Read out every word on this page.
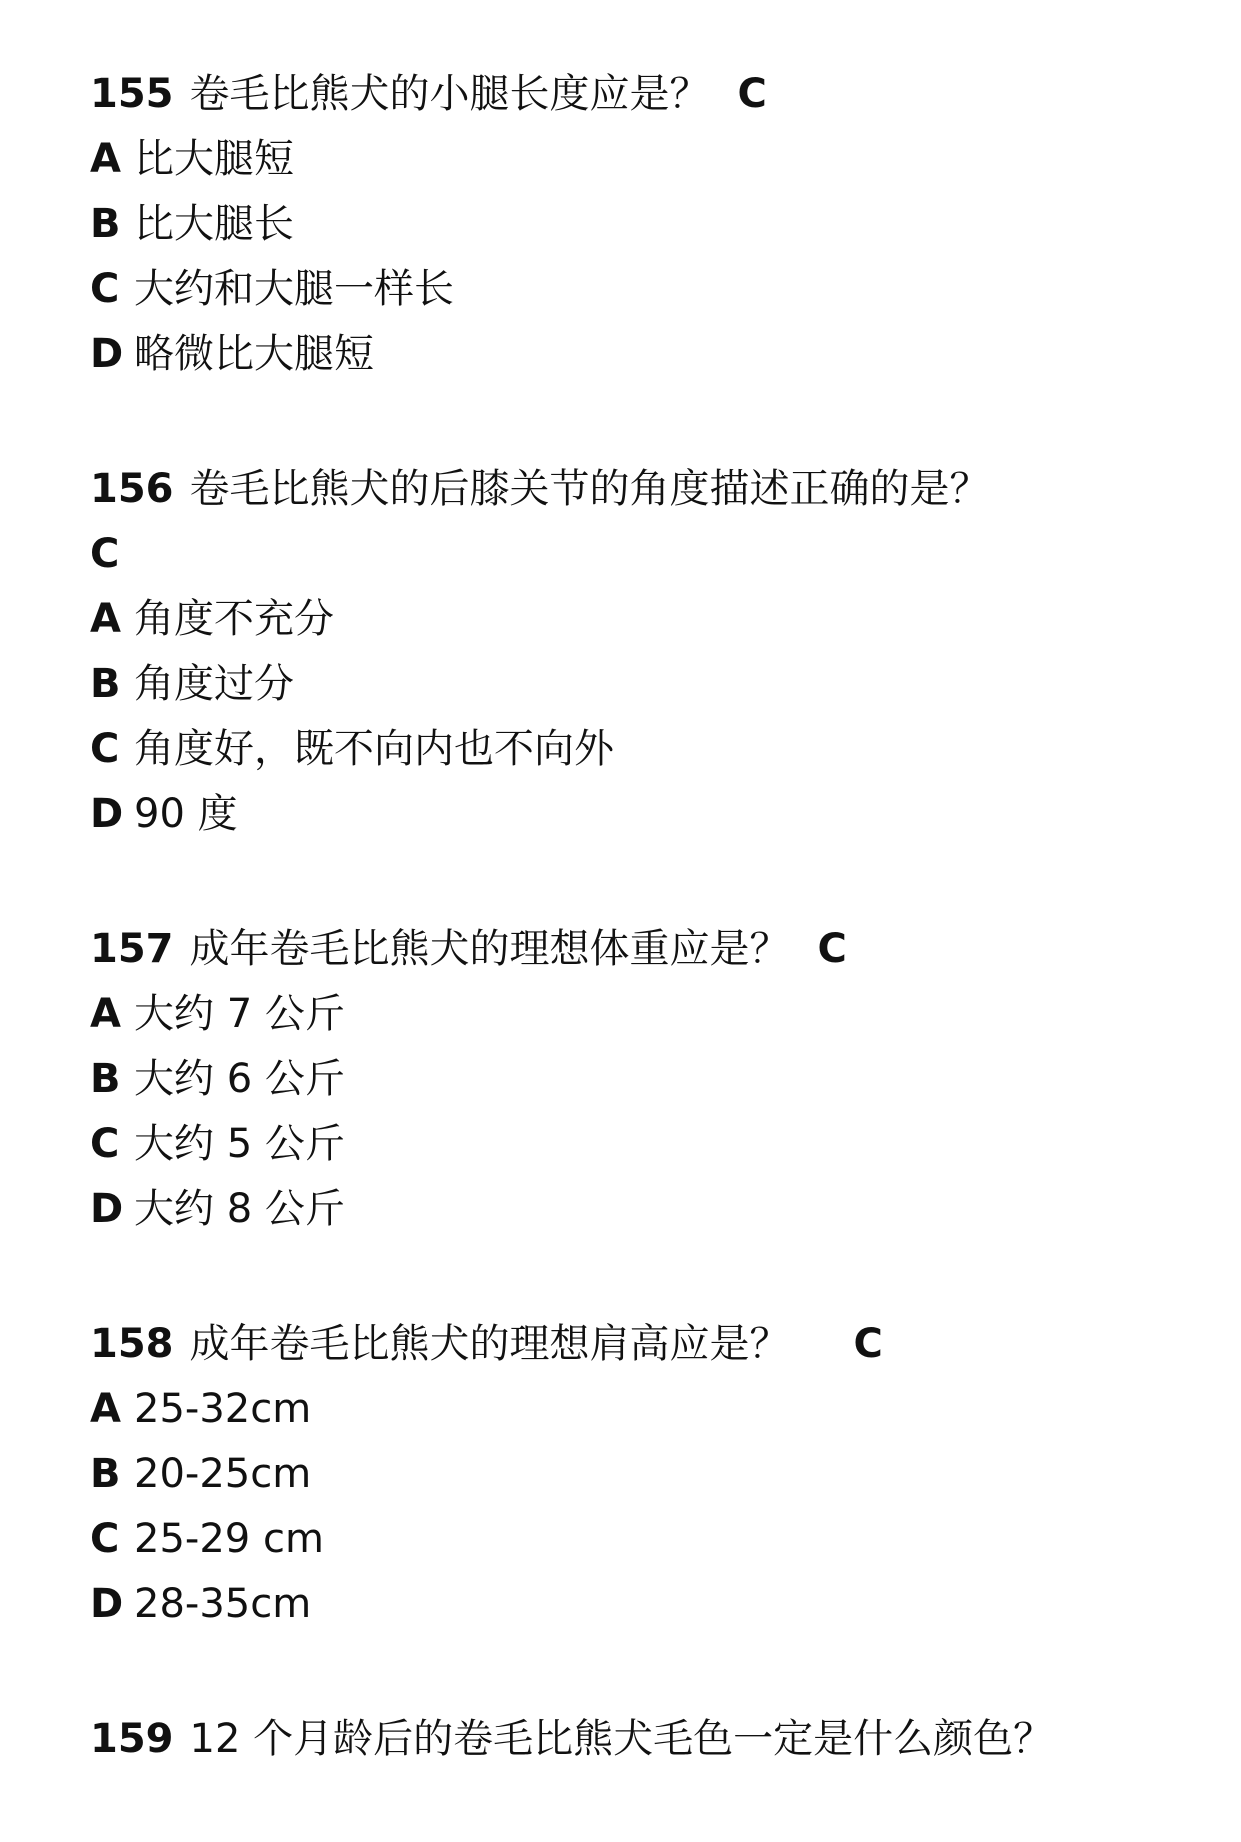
155 卷毛比熊犬的小腿长度应是？ C
A 比大腿短
B 比大腿长
C 大约和大腿一样长
D 略微比大腿短
156 卷毛比熊犬的后膝关节的角度描述正确的是？
C
A 角度不充分
B 角度过分
C 角度好，既不向内也不向外
D 90 度
157 成年卷毛比熊犬的理想体重应是？ C
A 大约 7 公斤
B 大约 6 公斤
C 大约 5 公斤
D 大约 8 公斤
158 成年卷毛比熊犬的理想肩高应是？ C
A 25-32cm
B 20-25cm
C 25-29 cm
D 28-35cm
159 12 个月龄后的卷毛比熊犬毛色一定是什么颜色？
